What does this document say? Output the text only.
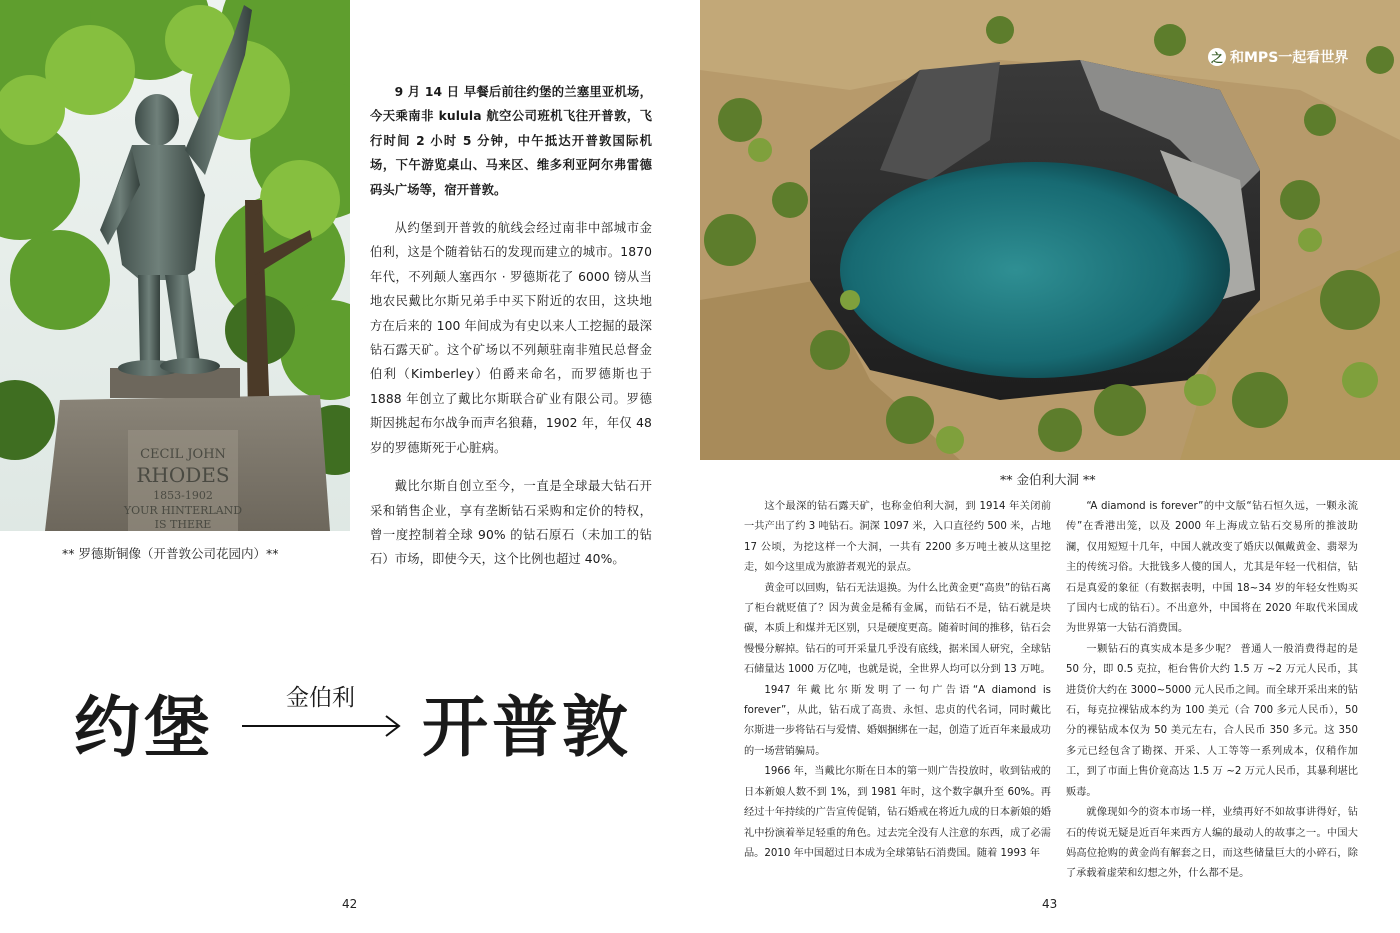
CECIL JOHN
RHODES
1853-1902
YOUR HINTERLAND
IS THERE

9 月 14 日 早餐后前往约堡的兰塞里亚机场，今天乘南非 kulula 航空公司班机飞往开普敦，飞行时间 2 小时 5 分钟，中午抵达开普敦国际机场，下午游览桌山、马来区、维多利亚阿尔弗雷德码头广场等，宿开普敦。

从约堡到开普敦的航线会经过南非中部城市金伯利，这是个随着钻石的发现而建立的城市。1870 年代，不列颠人塞西尔 · 罗德斯花了 6000 镑从当地农民戴比尔斯兄弟手中买下附近的农田，这块地方在后来的 100 年间成为有史以来人工挖掘的最深钻石露天矿。这个矿场以不列颠驻南非殖民总督金伯利（Kimberley）伯爵来命名，而罗德斯也于 1888 年创立了戴比尔斯联合矿业有限公司。罗德斯因挑起布尔战争而声名狼藉，1902 年，年仅 48 岁的罗德斯死于心脏病。

戴比尔斯自创立至今，一直是全球最大钻石开采和销售企业，享有垄断钻石采购和定价的特权，曾一度控制着全球 90% 的钻石原石（未加工的钻石）市场，即使今天，这个比例也超过 40%。

** 罗德斯铜像（开普敦公司花园内）**
约堡	金伯利 开普敦
42
之 和MPS一起看世界
** 金伯利大洞 **

这个最深的钻石露天矿，也称金伯利大洞，到 1914 年关闭前一共产出了约 3 吨钻石。洞深 1097 米，入口直径约 500 米，占地 17 公顷，为挖这样一个大洞，一共有 2200 多万吨土被从这里挖走，如今这里成为旅游者观光的景点。

黄金可以回购，钻石无法退换。为什么比黄金更“高贵”的钻石离了柜台就贬值了？因为黄金是稀有金属，而钻石不是，钻石就是块碳，本质上和煤并无区别，只是硬度更高。随着时间的推移，钻石会慢慢分解掉。钻石的可开采量几乎没有底线，据米国人研究，全球钻石储量达 1000 万亿吨，也就是说，全世界人均可以分到 13 万吨。

1947 年戴比尔斯发明了一句广告语“A diamond is forever”，从此，钻石成了高贵、永恒、忠贞的代名词，同时戴比尔斯进一步将钻石与爱情、婚姻捆绑在一起，创造了近百年来最成功的一场营销骗局。

1966 年，当戴比尔斯在日本的第一则广告投放时，收到钻戒的日本新娘人数不到 1%，到 1981 年时，这个数字飙升至 60%。再经过十年持续的广告宣传促销，钻石婚戒在将近九成的日本新娘的婚礼中扮演着举足轻重的角色。过去完全没有人注意的东西，成了必需品。2010 年中国超过日本成为全球第钻石消费国。随着 1993 年

“A diamond is forever”的中文版“钻石恒久远，一颗永流传”在香港出笼，以及 2000 年上海成立钻石交易所的推波助澜，仅用短短十几年，中国人就改变了婚庆以佩戴黄金、翡翠为主的传统习俗。大批钱多人傻的国人，尤其是年轻一代相信，钻石是真爱的象征（有数据表明，中国 18~34 岁的年轻女性购买了国内七成的钻石）。不出意外，中国将在 2020 年取代米国成为世界第一大钻石消费国。

一颗钻石的真实成本是多少呢？ 普通人一般消费得起的是 50 分，即 0.5 克拉，柜台售价大约 1.5 万 ~2 万元人民币，其进货价大约在 3000~5000 元人民币之间。而全球开采出来的钻石，每克拉裸钻成本约为 100 美元（合 700 多元人民币），50 分的裸钻成本仅为 50 美元左右，合人民币 350 多元。这 350 多元已经包含了勘探、开采、人工等等一系列成本，仅稍作加工，到了市面上售价竟高达 1.5 万 ~2 万元人民币，其暴利堪比贩毒。

就像现如今的资本市场一样，业绩再好不如故事讲得好，钻石的传说无疑是近百年来西方人编的最动人的故事之一。中国大妈高位抢购的黄金尚有解套之日，而这些储量巨大的小碎石，除了承载着虚荣和幻想之外，什么都不是。

43
